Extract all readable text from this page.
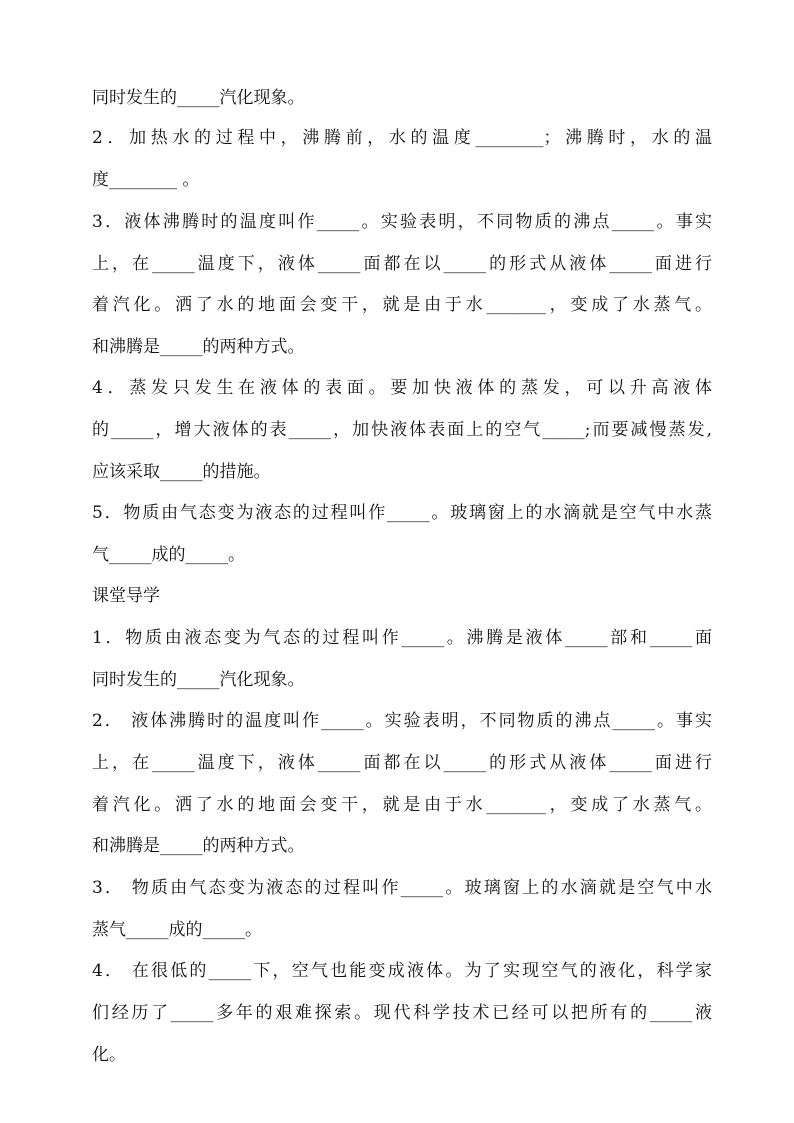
同时发生的_____汽化现象。
2．加热水的过程中，沸腾前，水的温度________；沸腾时，水的温
度________ 。
3．液体沸腾时的温度叫作_____。实验表明，不同物质的沸点_____。事实
上，在_____温度下，液体_____面都在以_____的形式从液体_____面进行
着汽化。洒了水的地面会变干，就是由于水_______，变成了水蒸气。
和沸腾是_____的两种方式。
4．蒸发只发生在液体的表面。要加快液体的蒸发，可以升高液体
的_____，增大液体的表_____，加快液体表面上的空气_____;而要减慢蒸发,
应该采取_____的措施。
5．物质由气态变为液态的过程叫作_____。玻璃窗上的水滴就是空气中水蒸
气_____成的_____。
课堂导学
1．物质由液态变为气态的过程叫作_____。沸腾是液体_____部和_____面
同时发生的_____汽化现象。
2． 液体沸腾时的温度叫作_____。实验表明，不同物质的沸点_____。事实
上，在_____温度下，液体_____面都在以_____的形式从液体_____面进行
着汽化。洒了水的地面会变干，就是由于水_______，变成了水蒸气。
和沸腾是_____的两种方式。
3． 物质由气态变为液态的过程叫作_____。玻璃窗上的水滴就是空气中水
蒸气_____成的_____。
4． 在很低的_____下，空气也能变成液体。为了实现空气的液化，科学家
们经历了_____多年的艰难探索。现代科学技术已经可以把所有的_____液
化。
